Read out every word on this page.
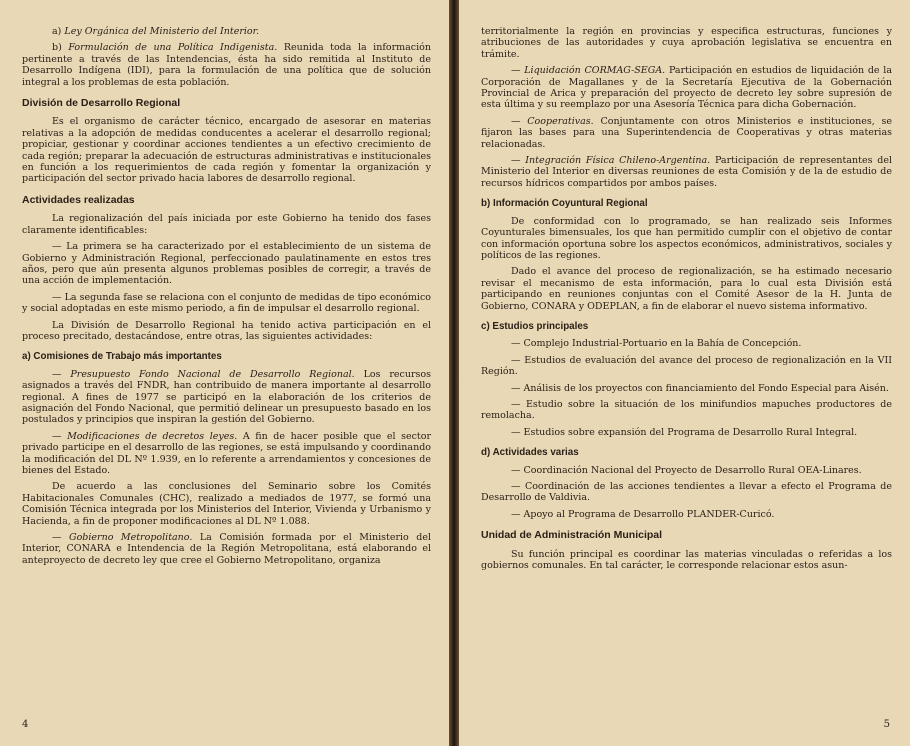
a) Ley Orgánica del Ministerio del Interior.

b) Formulación de una Política Indigenista. Reunida toda la información pertinente a través de las Intendencias, ésta ha sido remitida al Instituto de Desarrollo Indígena (IDI), para la formulación de una política que de solución integral a los problemas de esta población.

División de Desarrollo Regional

Es el organismo de carácter técnico, encargado de asesorar en materias relativas a la adopción de medidas conducentes a acelerar el desarrollo regional; propiciar, gestionar y coordinar acciones tendientes a un efectivo crecimiento de cada región; preparar la adecuación de estructuras administrativas e institucionales en función a los requerimientos de cada región y fomentar la organización y participación del sector privado hacia labores de desarrollo regional.

Actividades realizadas

La regionalización del país iniciada por este Gobierno ha tenido dos fases claramente identificables:

— La primera se ha caracterizado por el establecimiento de un sistema de Gobierno y Administración Regional, perfeccionado paulatinamente en estos tres años, pero que aún presenta algunos problemas posibles de corregir, a través de una acción de implementación.

— La segunda fase se relaciona con el conjunto de medidas de tipo económico y social adoptadas en este mismo periodo, a fin de impulsar el desarrollo regional.

La División de Desarrollo Regional ha tenido activa participación en el proceso precitado, destacándose, entre otras, las siguientes actividades:

a) Comisiones de Trabajo más importantes

— Presupuesto Fondo Nacional de Desarrollo Regional. Los recursos asignados a través del FNDR, han contribuido de manera importante al desarrollo regional. A fines de 1977 se participó en la elaboración de los criterios de asignación del Fondo Nacional, que permitió delinear un presupuesto basado en los postulados y principios que inspiran la gestión del Gobierno.

— Modificaciones de decretos leyes. A fin de hacer posible que el sector privado participe en el desarrollo de las regiones, se está impulsando y coordinando la modificación del DL Nº 1.939, en lo referente a arrendamientos y concesiones de bienes del Estado.

De acuerdo a las conclusiones del Seminario sobre los Comités Habitacionales Comunales (CHC), realizado a mediados de 1977, se formó una Comisión Técnica integrada por los Ministerios del Interior, Vivienda y Urbanismo y Hacienda, a fin de proponer modificaciones al DL Nº 1.088.

— Gobierno Metropolitano. La Comisión formada por el Ministerio del Interior, CONARA e Intendencia de la Región Metropolitana, está elaborando el anteproyecto de decreto ley que cree el Gobierno Metropolitano, organiza

4

territorialmente la región en provincias y especifica estructuras, funciones y atribuciones de las autoridades y cuya aprobación legislativa se encuentra en trámite.

— Liquidación CORMAG-SEGA. Participación en estudios de liquidación de la Corporación de Magallanes y de la Secretaría Ejecutiva de la Gobernación Provincial de Arica y preparación del proyecto de decreto ley sobre supresión de esta última y su reemplazo por una Asesoría Técnica para dicha Gobernación.

— Cooperativas. Conjuntamente con otros Ministerios e instituciones, se fijaron las bases para una Superintendencia de Cooperativas y otras materias relacionadas.

— Integración Física Chileno-Argentina. Participación de representantes del Ministerio del Interior en diversas reuniones de esta Comisión y de la de estudio de recursos hídricos compartidos por ambos países.

b) Información Coyuntural Regional

De conformidad con lo programado, se han realizado seis Informes Coyunturales bimensuales, los que han permitido cumplir con el objetivo de contar con información oportuna sobre los aspectos económicos, administrativos, sociales y políticos de las regiones.

Dado el avance del proceso de regionalización, se ha estimado necesario revisar el mecanismo de esta información, para lo cual esta División está participando en reuniones conjuntas con el Comité Asesor de la H. Junta de Gobierno, CONARA y ODEPLAN, a fin de elaborar el nuevo sistema informativo.

c) Estudios principales

— Complejo Industrial-Portuario en la Bahía de Concepción.

— Estudios de evaluación del avance del proceso de regionalización en la VII Región.

— Análisis de los proyectos con financiamiento del Fondo Especial para Aisén.

— Estudio sobre la situación de los minifundios mapuches productores de remolacha.

— Estudios sobre expansión del Programa de Desarrollo Rural Integral.

d) Actividades varias

— Coordinación Nacional del Proyecto de Desarrollo Rural OEA-Linares.

— Coordinación de las acciones tendientes a llevar a efecto el Programa de Desarrollo de Valdivia.

— Apoyo al Programa de Desarrollo PLANDER-Curicó.

Unidad de Administración Municipal

Su función principal es coordinar las materias vinculadas o referidas a los gobiernos comunales. En tal carácter, le corresponde relacionar estos asun-

5
